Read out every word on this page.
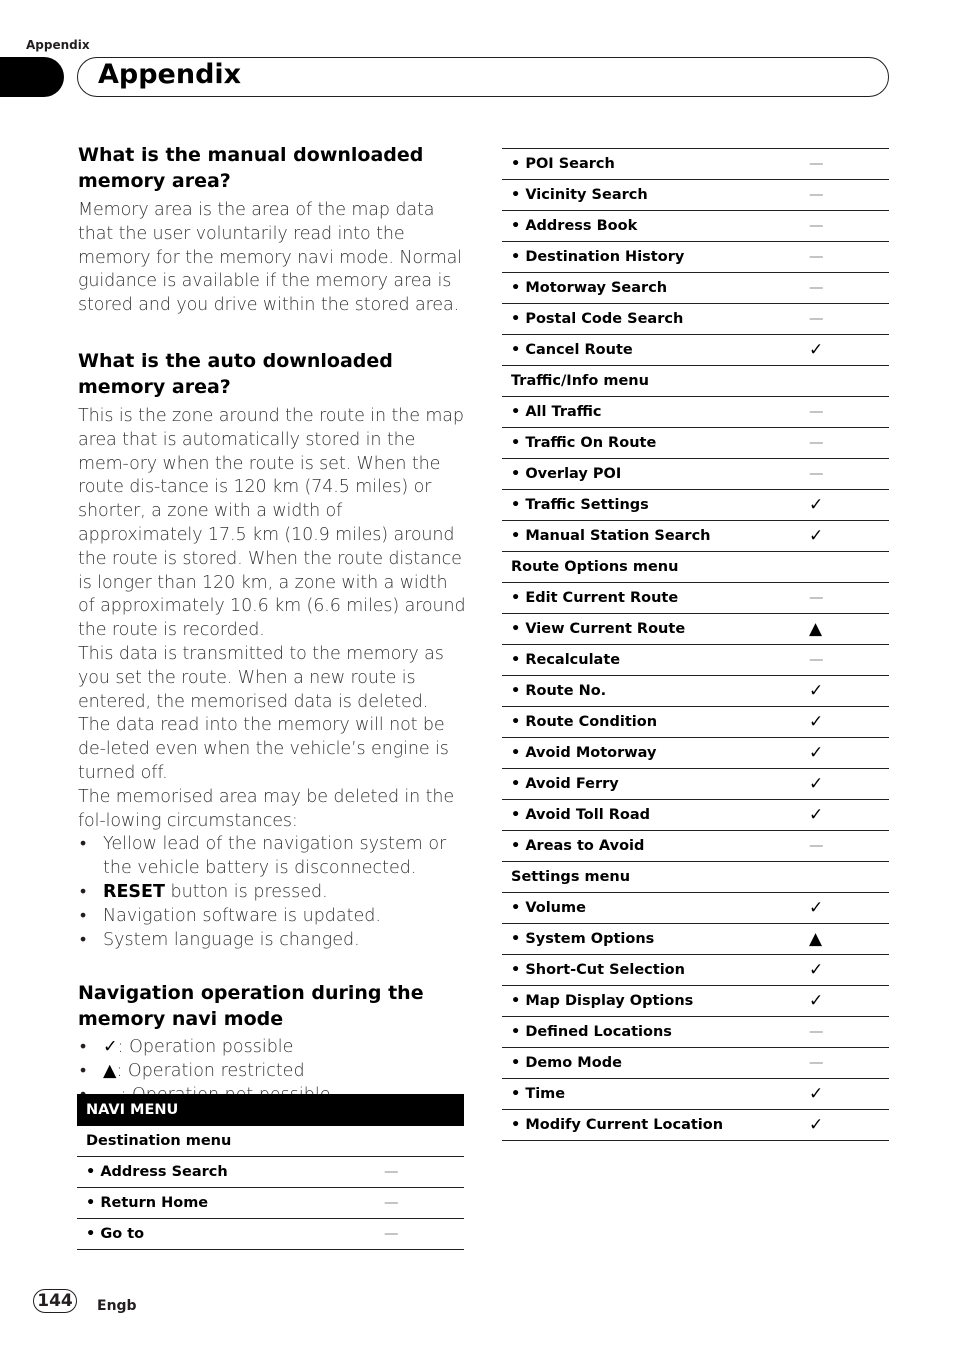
Appendix
Appendix
What is the manual downloaded memory area?

Memory area is the area of the map data that the user voluntarily read into the memory for the memory navi mode. Normal guidance is available if the memory area is stored and you drive within the stored area.

What is the auto downloaded memory area?

This is the zone around the route in the map area that is automatically stored in the mem-ory when the route is set. When the route dis-tance is 120 km (74.5 miles) or shorter, a zone with a width of approximately 17.5 km (10.9 miles) around the route is stored. When the route distance is longer than 120 km, a zone with a width of approximately 10.6 km (6.6 miles) around the route is recorded.

This data is transmitted to the memory as you set the route. When a new route is entered, the memorised data is deleted.

The data read into the memory will not be de-leted even when the vehicle’s engine is turned off.

The memorised area may be deleted in the fol-lowing circumstances:

• Yellow lead of the navigation system or the vehicle battery is disconnected.
• RESET button is pressed.
• Navigation software is updated.
• System language is changed.
Navigation operation during the memory navi mode
• ✓: Operation possible
• ▲: Operation restricted
•
NAVI MENU	
Destination menu	
• Address Search	—
• Return Home	—
• Go to	—
• POI Search	—
• Vicinity Search	—
• Address Book	—
• Destination History	—
• Motorway Search	—
• Postal Code Search	—
• Cancel Route	✓
Traffic/Info menu	
• All Traffic	—
• Traffic On Route	—
• Overlay POI	—
• Traffic Settings	✓
• Manual Station Search	✓
Route Options menu	
• Edit Current Route	—
• View Current Route	▲
• Recalculate	—
• Route No.	✓
• Route Condition	✓
• Avoid Motorway	✓
• Avoid Ferry	✓
• Avoid Toll Road	✓
• Areas to Avoid	—
Settings menu	
• Volume	✓
• System Options	▲
• Short-Cut Selection	✓
• Map Display Options	✓
• Defined Locations	—
• Demo Mode	—
• Time	✓
• Modify Current Location	✓
144	Engb
